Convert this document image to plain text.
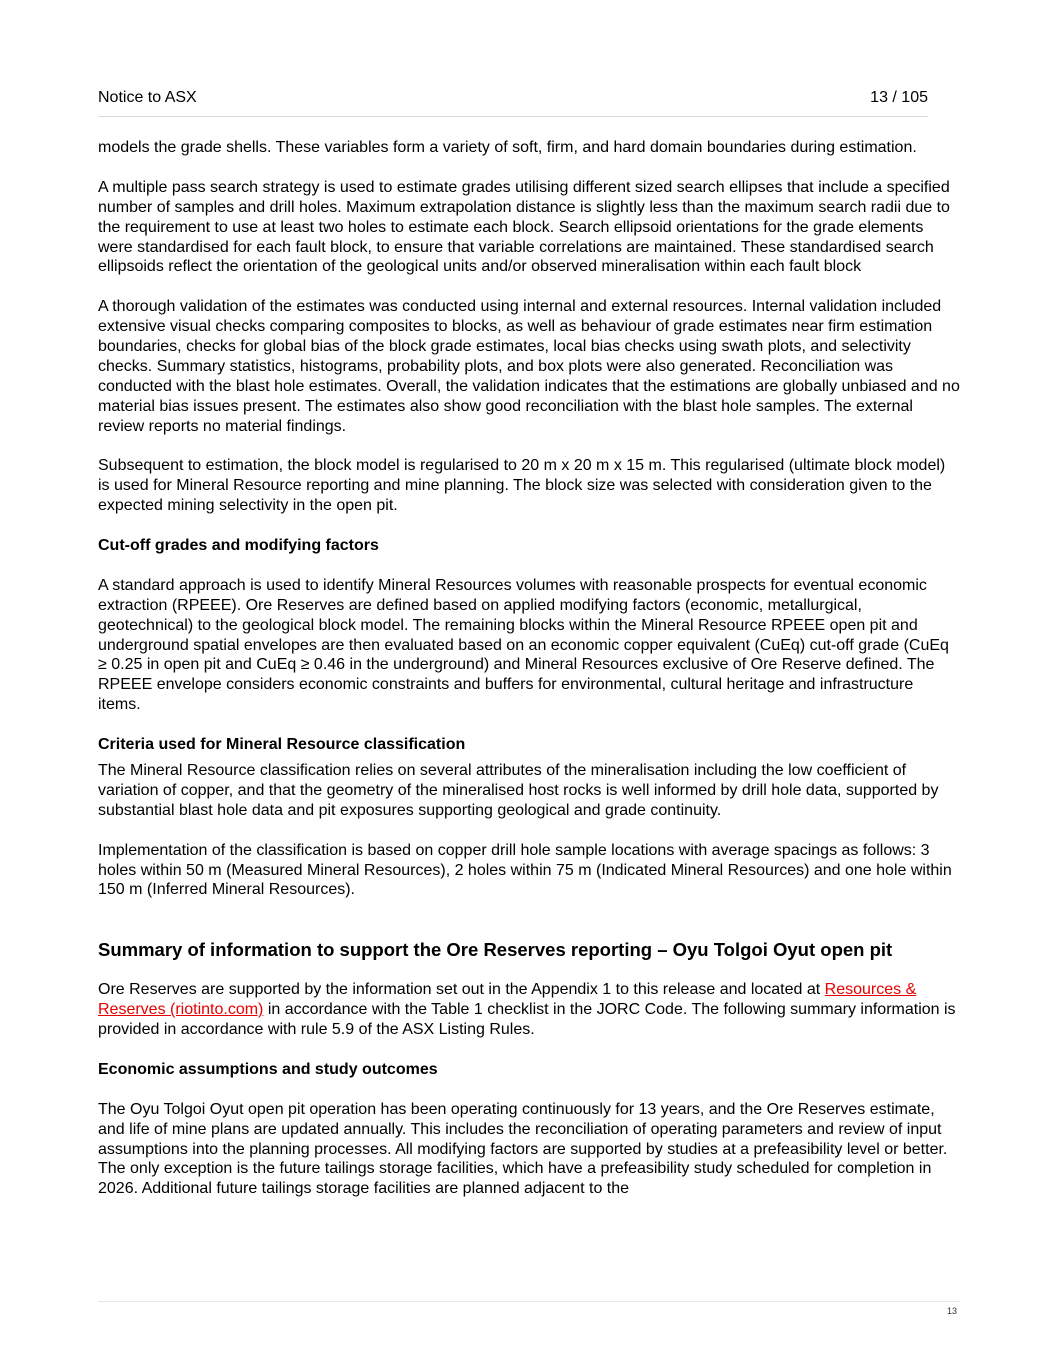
Notice to ASX	13 / 105

models the grade shells. These variables form a variety of soft, firm, and hard domain boundaries during estimation.

A multiple pass search strategy is used to estimate grades utilising different sized search ellipses that include a specified number of samples and drill holes. Maximum extrapolation distance is slightly less than the maximum search radii due to the requirement to use at least two holes to estimate each block. Search ellipsoid orientations for the grade elements were standardised for each fault block, to ensure that variable correlations are maintained. These standardised search ellipsoids reflect the orientation of the geological units and/or observed mineralisation within each fault block

A thorough validation of the estimates was conducted using internal and external resources. Internal validation included extensive visual checks comparing composites to blocks, as well as behaviour of grade estimates near firm estimation boundaries, checks for global bias of the block grade estimates, local bias checks using swath plots, and selectivity checks. Summary statistics, histograms, probability plots, and box plots were also generated. Reconciliation was conducted with the blast hole estimates. Overall, the validation indicates that the estimations are globally unbiased and no material bias issues present. The estimates also show good reconciliation with the blast hole samples. The external review reports no material findings.

Subsequent to estimation, the block model is regularised to 20 m x 20 m x 15 m. This regularised (ultimate block model) is used for Mineral Resource reporting and mine planning. The block size was selected with consideration given to the expected mining selectivity in the open pit.

Cut-off grades and modifying factors

A standard approach is used to identify Mineral Resources volumes with reasonable prospects for eventual economic extraction (RPEEE). Ore Reserves are defined based on applied modifying factors (economic, metallurgical, geotechnical) to the geological block model. The remaining blocks within the Mineral Resource RPEEE open pit and underground spatial envelopes are then evaluated based on an economic copper equivalent (CuEq) cut-off grade (CuEq ≥ 0.25 in open pit and CuEq ≥ 0.46 in the underground) and Mineral Resources exclusive of Ore Reserve defined. The RPEEE envelope considers economic constraints and buffers for environmental, cultural heritage and infrastructure items.

Criteria used for Mineral Resource classification

The Mineral Resource classification relies on several attributes of the mineralisation including the low coefficient of variation of copper, and that the geometry of the mineralised host rocks is well informed by drill hole data, supported by substantial blast hole data and pit exposures supporting geological and grade continuity.

Implementation of the classification is based on copper drill hole sample locations with average spacings as follows: 3 holes within 50 m (Measured Mineral Resources), 2 holes within 75 m (Indicated Mineral Resources) and one hole within 150 m (Inferred Mineral Resources).

Summary of information to support the Ore Reserves reporting – Oyu Tolgoi Oyut open pit

Ore Reserves are supported by the information set out in the Appendix 1 to this release and located at Resources & Reserves (riotinto.com) in accordance with the Table 1 checklist in the JORC Code. The following summary information is provided in accordance with rule 5.9 of the ASX Listing Rules.

Economic assumptions and study outcomes

The Oyu Tolgoi Oyut open pit operation has been operating continuously for 13 years, and the Ore Reserves estimate, and life of mine plans are updated annually. This includes the reconciliation of operating parameters and review of input assumptions into the planning processes. All modifying factors are supported by studies at a prefeasibility level or better. The only exception is the future tailings storage facilities, which have a prefeasibility study scheduled for completion in 2026. Additional future tailings storage facilities are planned adjacent to the

13
